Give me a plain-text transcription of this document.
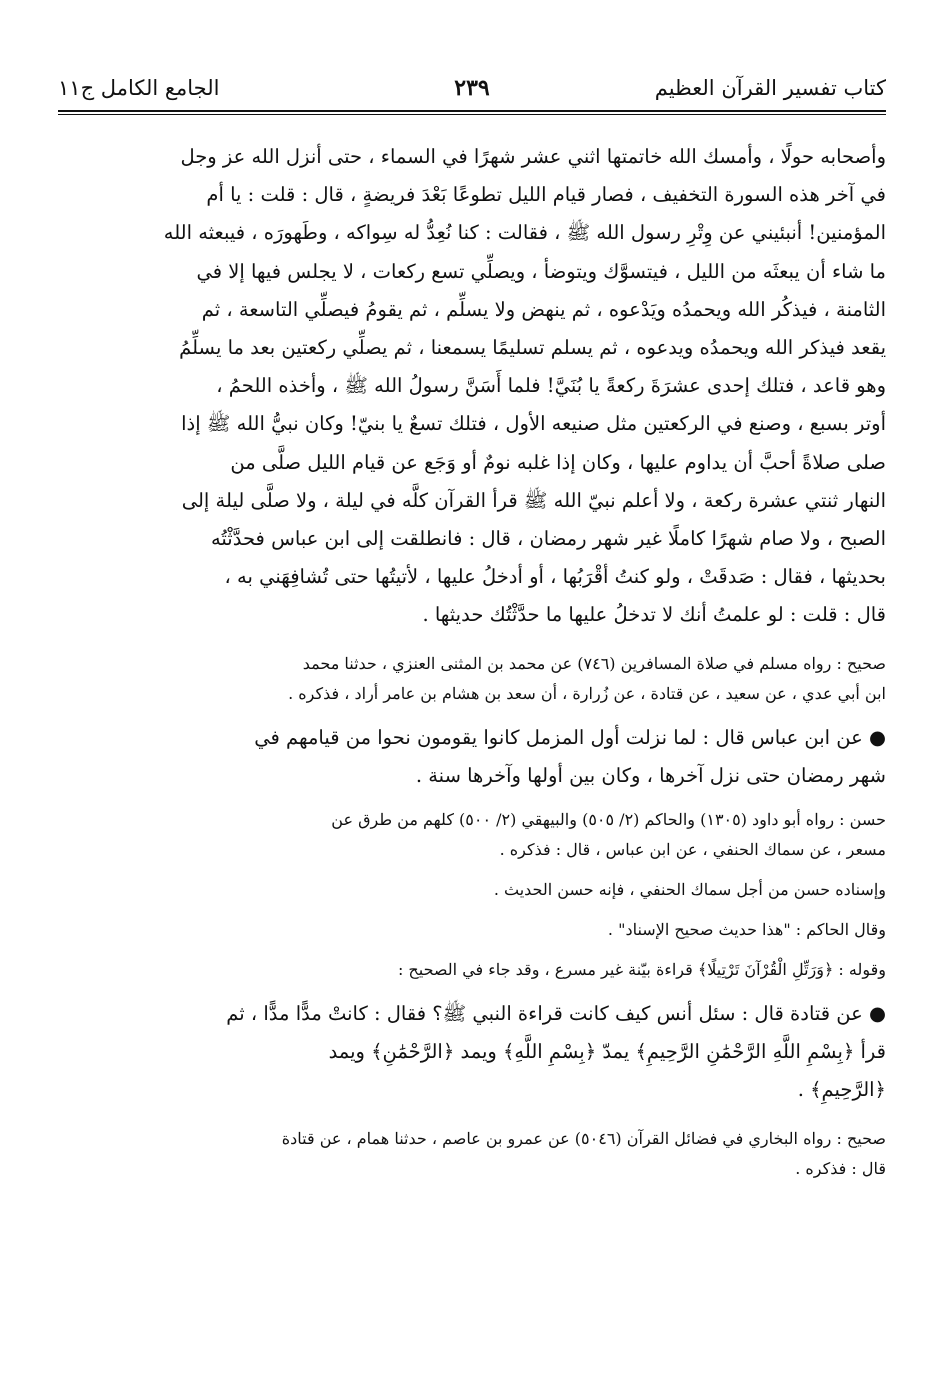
كتاب تفسير القرآن العظيم
٢٣٩
الجامع الكامل ج١١

وأصحابه حولًا ، وأمسك الله خاتمتها اثني عشر شهرًا في السماء ، حتى أنزل الله عز وجل

في آخر هذه السورة التخفيف ، فصار قيام الليل تطوعًا بَعْدَ فريضةٍ ، قال : قلت : يا أم

المؤمنين! أنبئيني عن وِتْرِ رسول الله ﷺ ، فقالت : كنا نُعِدُّ له سِواكه ، وطَهورَه ، فيبعثه الله

ما شاء أن يبعثَه من الليل ، فيتسوَّك ويتوضأ ، ويصلِّي تسع ركعات ، لا يجلس فيها إلا في

الثامنة ، فيذكُر الله ويحمدُه ويَدْعوه ، ثم ينهض ولا يسلِّم ، ثم يقومُ فيصلِّي التاسعة ، ثم

يقعد فيذكر الله ويحمدُه ويدعوه ، ثم يسلم تسليمًا يسمعنا ، ثم يصلِّي ركعتين بعد ما يسلِّمُ

وهو قاعد ، فتلك إحدى عشرَةَ ركعةً يا بُنَيَّ! فلما أَسَنَّ رسولُ الله ﷺ ، وأخذه اللحمُ ،

أوتر بسبع ، وصنع في الركعتين مثل صنيعه الأول ، فتلك تسعٌ يا بنيّ! وكان نبيُّ الله ﷺ إذا

صلى صلاةً أحبَّ أن يداوم عليها ، وكان إذا غلبه نومٌ أو وَجَع عن قيام الليل صلَّى من

النهار ثنتي عشرة ركعة ، ولا أعلم نبيّ الله ﷺ قرأ القرآن كلَّه في ليلة ، ولا صلَّى ليلة إلى

الصبح ، ولا صام شهرًا كاملًا غير شهر رمضان ، قال : فانطلقت إلى ابن عباس فحدَّثْتُه

بحديثها ، فقال : صَدقَتْ ، ولو كنتُ أقْرَبُها ، أو أدخلُ عليها ، لأتيتُها حتى تُشافِهَني به ،

قال : قلت : لو علمتُ أنك لا تدخلُ عليها ما حدَّثْتُك حديثها .

صحيح : رواه مسلم في صلاة المسافرين (٧٤٦) عن محمد بن المثنى العنزي ، حدثنا محمد

ابن أبي عدي ، عن سعيد ، عن قتادة ، عن زُرارة ، أن سعد بن هشام بن عامر أراد ، فذكره .

● عن ابن عباس قال : لما نزلت أول المزمل كانوا يقومون نحوا من قيامهم في

شهر رمضان حتى نزل آخرها ، وكان بين أولها وآخرها سنة .

حسن : رواه أبو داود (١٣٠٥) والحاكم (٢/ ٥٠٥) والبيهقي (٢/ ٥٠٠) كلهم من طرق عن

مسعر ، عن سماك الحنفي ، عن ابن عباس ، قال : فذكره .

وإسناده حسن من أجل سماك الحنفي ، فإنه حسن الحديث .

وقال الحاكم : "هذا حديث صحيح الإسناد" .

وقوله : ﴿وَرَتِّلِ الْقُرْآنَ تَرْتِيلًا﴾ قراءة بيّنة غير مسرع ، وقد جاء في الصحيح :

● عن قتادة قال : سئل أنس كيف كانت قراءة النبي ﷺ؟ فقال : كانتْ مدًّا مدًّا ، ثم

قرأ ﴿بِسْمِ اللَّهِ الرَّحْمَٰنِ الرَّحِيمِ﴾ يمدّ ﴿بِسْمِ اللَّهِ﴾ ويمد ﴿الرَّحْمَٰنِ﴾ ويمد

﴿الرَّحِيمِ﴾ .

صحيح : رواه البخاري في فضائل القرآن (٥٠٤٦) عن عمرو بن عاصم ، حدثنا همام ، عن قتادة

قال : فذكره .
